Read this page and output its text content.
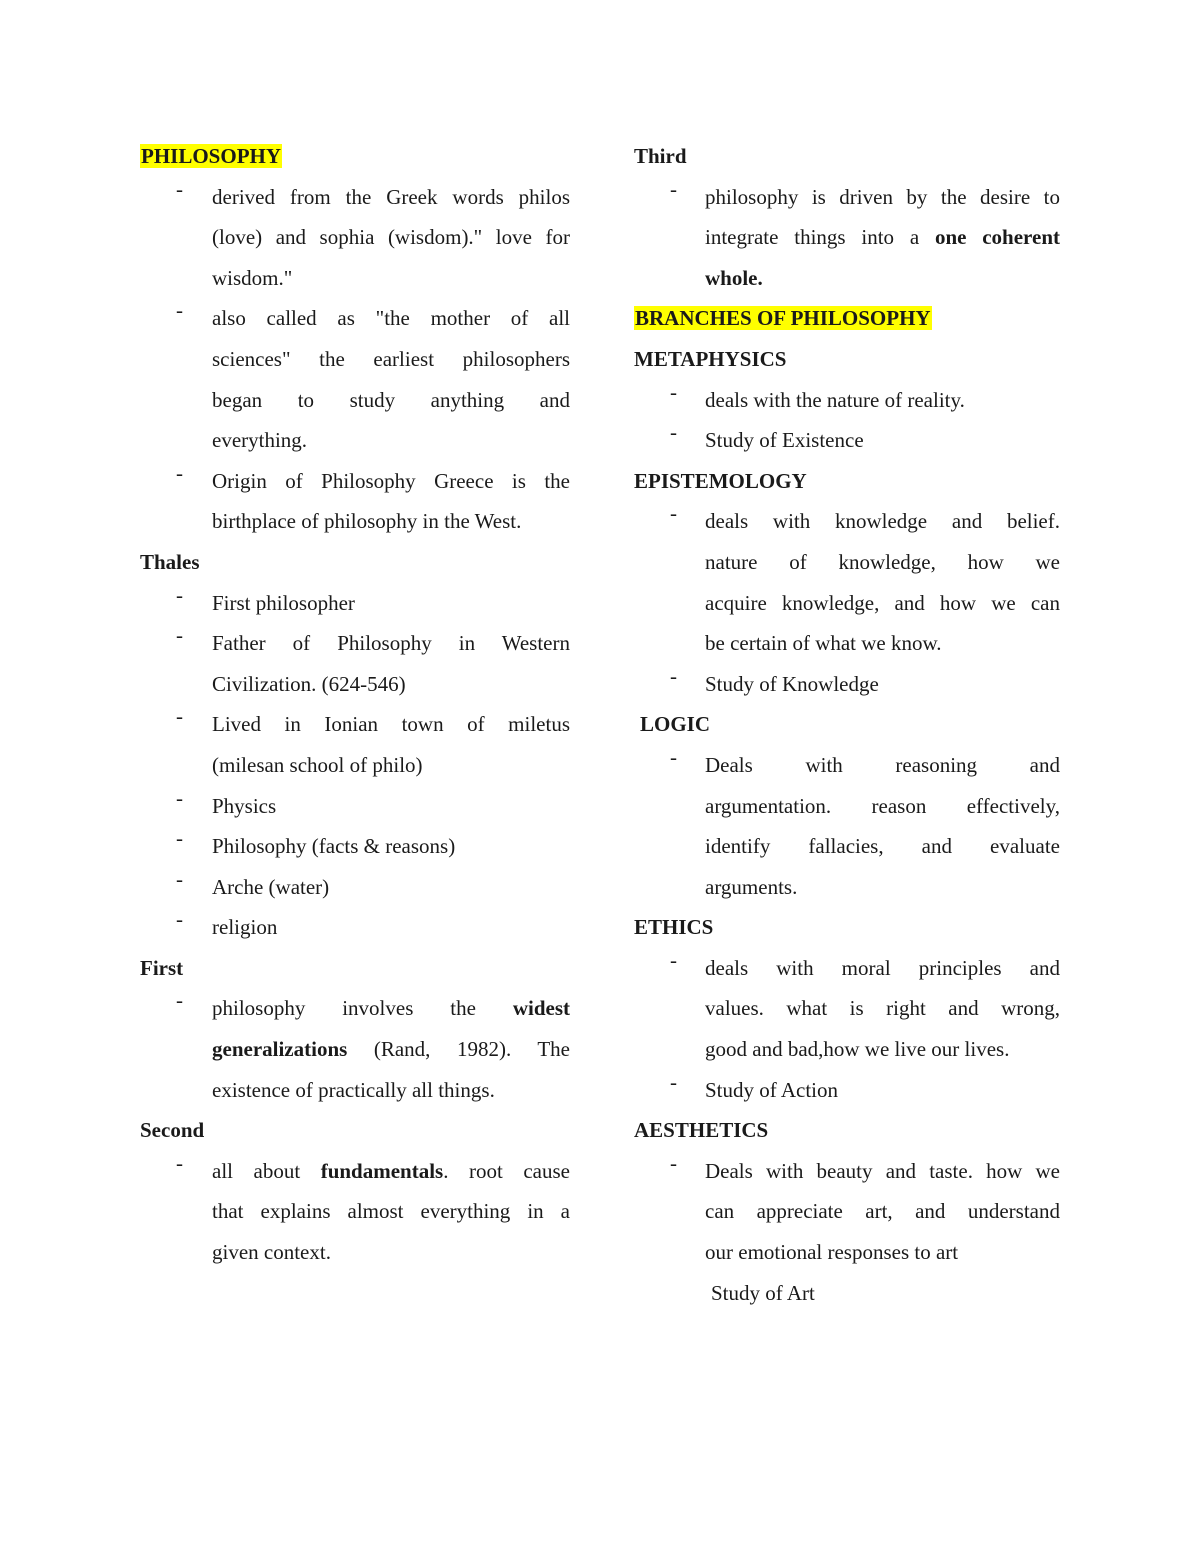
PHILOSOPHY
- derived from the Greek words philos
(love) and sophia (wisdom)." love for
wisdom."
- also called as "the mother of all
sciences" the earliest philosophers
began to study anything and
everything.
- Origin of Philosophy Greece is the
birthplace of philosophy in the West.
Thales
- First philosopher
- Father of Philosophy in Western
Civilization. (624-546)
- Lived in Ionian town of miletus
(milesan school of philo)
- Physics
- Philosophy (facts & reasons)
- Arche (water)
- religion
First
- philosophy involves the widest
generalizations (Rand, 1982). The
existence of practically all things.
Second
- all about fundamentals. root cause
that explains almost everything in a
given context.
Third
- philosophy is driven by the desire to
integrate things into a one coherent
whole.
BRANCHES OF PHILOSOPHY
METAPHYSICS
- deals with the nature of reality.
- Study of Existence
EPISTEMOLOGY
- deals with knowledge and belief.
nature of knowledge, how we
acquire knowledge, and how we can
be certain of what we know.
- Study of Knowledge
LOGIC
- Deals with reasoning and
argumentation. reason effectively,
identify fallacies, and evaluate
arguments.
ETHICS
- deals with moral principles and
values. what is right and wrong,
good and bad,how we live our lives.
- Study of Action
AESTHETICS
- Deals with beauty and taste. how we
can appreciate art, and understand
our emotional responses to art
Study of Art
